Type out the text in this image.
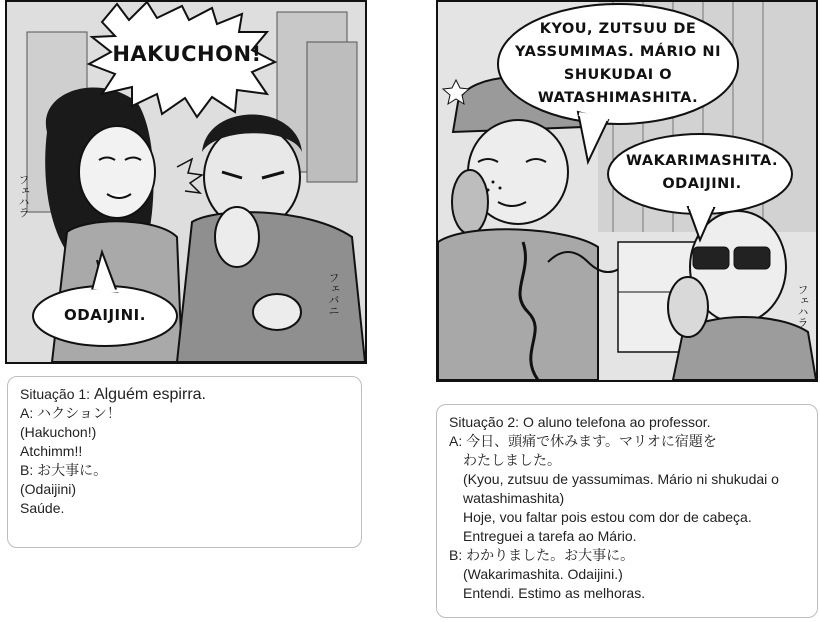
HAKUCHON!
ODAIJINI.
フェハラ
フェバニ
KYOU, ZUTSUU DE
YASSUMIMAS. MÁRIO NI
SHUKUDAI O
WATASHIMASHITA.
WAKARIMASHITA.
ODAIJINI.
フェハラ
Situação 1: Alguém espirra.
A: ハクション！
(Hakuchon!)
Atchimm!!
B: お大事に。
(Odaijini)
Saúde.
Situação 2: O aluno telefona ao professor.
A: 今日、頭痛で休みます。マリオに宿題を
わたしました。
(Kyou, zutsuu de yassumimas. Mário ni shukudai o
watashimashita)
Hoje, vou faltar pois estou com dor de cabeça.
Entreguei a tarefa ao Mário.
B: わかりました。お大事に。
(Wakarimashita. Odaijini.)
Entendi. Estimo as melhoras.
